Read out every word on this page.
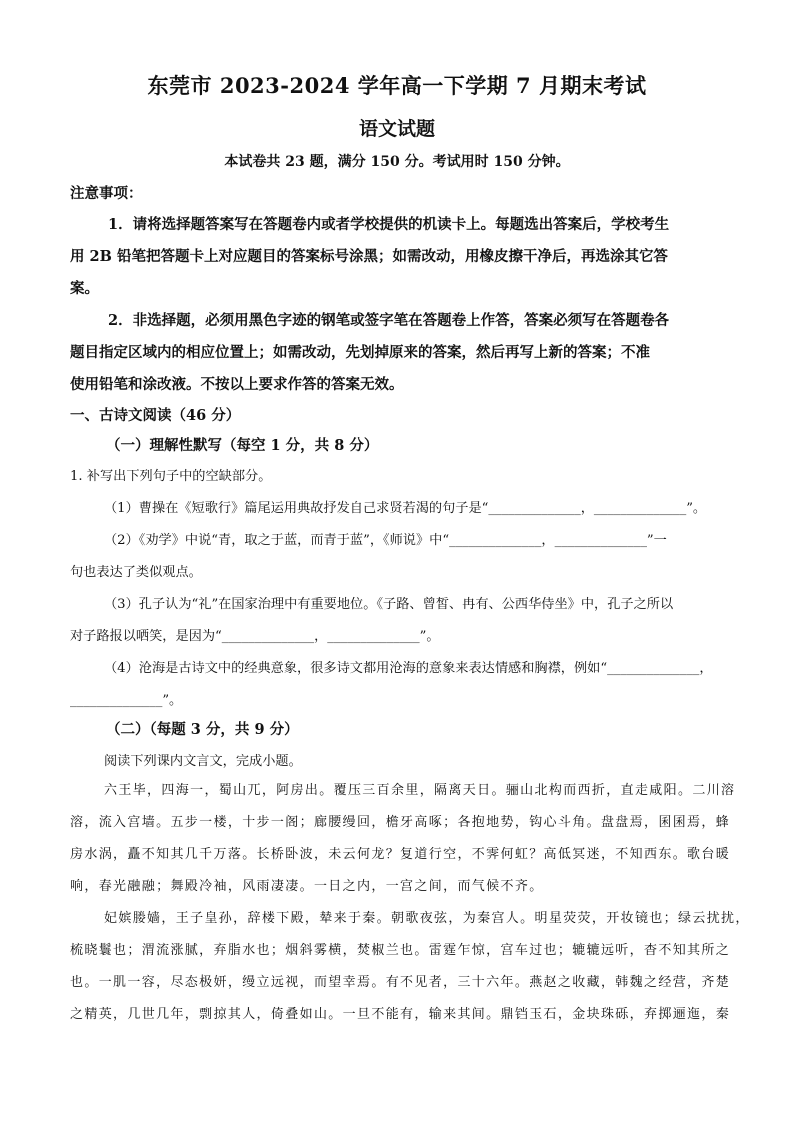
东莞市 2023-2024 学年高一下学期 7 月期末考试
语文试题
本试卷共 23 题，满分 150 分。考试用时 150 分钟。
注意事项：
1．请将选择题答案写在答题卷内或者学校提供的机读卡上。每题选出答案后，学校考生
用 2B 铅笔把答题卡上对应题目的答案标号涂黑；如需改动，用橡皮擦干净后，再选涂其它答
案。
2．非选择题，必须用黑色字迹的钢笔或签字笔在答题卷上作答，答案必须写在答题卷各
题目指定区域内的相应位置上；如需改动，先划掉原来的答案，然后再写上新的答案；不准
使用铅笔和涂改液。不按以上要求作答的答案无效。
一、古诗文阅读（46 分）
（一）理解性默写（每空 1 分，共 8 分）
1. 补写出下列句子中的空缺部分。
（1）曹操在《短歌行》篇尾运用典故抒发自己求贤若渴的句子是“______________，______________”。
（2）《劝学》中说“青，取之于蓝，而青于蓝”，《师说》中“______________，______________”一
句也表达了类似观点。
（3）孔子认为“礼”在国家治理中有重要地位。《子路、曾皙、冉有、公西华侍坐》中，孔子之所以
对子路报以哂笑，是因为“______________，______________”。
（4）沧海是古诗文中的经典意象，很多诗文都用沧海的意象来表达情感和胸襟，例如“______________，
______________”。
（二）（每题 3 分，共 9 分）
阅读下列课内文言文，完成小题。
六王毕，四海一，蜀山兀，阿房出。覆压三百余里，隔离天日。骊山北构而西折，直走咸阳。二川溶
溶，流入宫墙。五步一楼，十步一阁；廊腰缦回，檐牙高啄；各抱地势，钩心斗角。盘盘焉，囷囷焉，蜂
房水涡，矗不知其几千万落。长桥卧波，未云何龙？复道行空，不霁何虹？高低冥迷，不知西东。歌台暖
响，春光融融；舞殿冷袖，风雨凄凄。一日之内，一宫之间，而气候不齐。
妃嫔媵嫱，王子皇孙，辞楼下殿，辇来于秦。朝歌夜弦，为秦宫人。明星荧荧，开妆镜也；绿云扰扰，
梳晓鬟也；渭流涨腻，弃脂水也；烟斜雾横，焚椒兰也。雷霆乍惊，宫车过也；辘辘远听，杳不知其所之
也。一肌一容，尽态极妍，缦立远视，而望幸焉。有不见者，三十六年。燕赵之收藏，韩魏之经营，齐楚
之精英，几世几年，剽掠其人，倚叠如山。一旦不能有，输来其间。鼎铛玉石，金块珠砾，弃掷逦迤，秦
